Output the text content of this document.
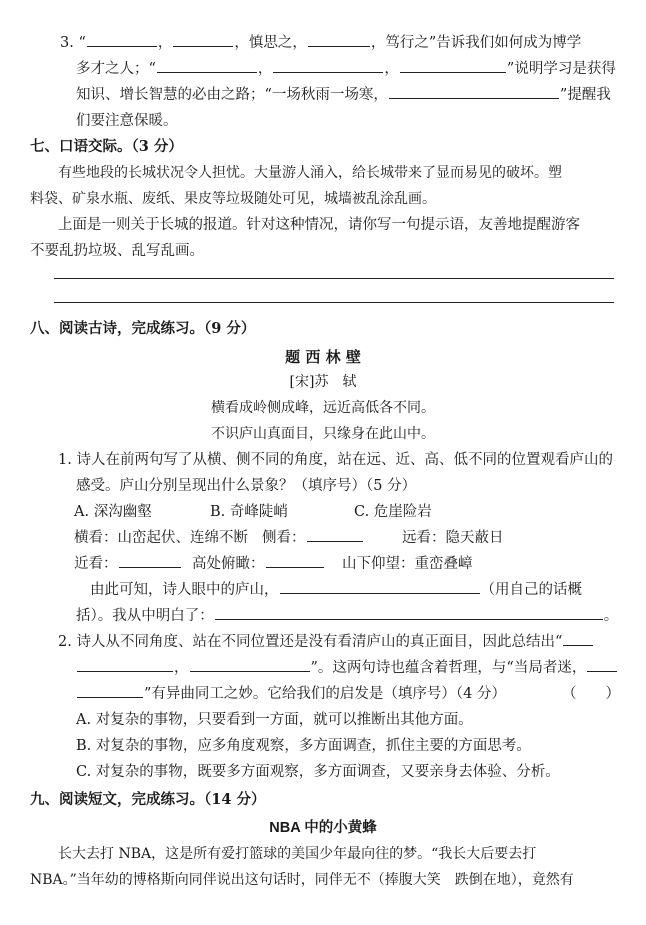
3. “	，	，慎思之，	，笃行之”告诉我们如何成为博学
多才之人；“	，	，	”说明学习是获得
知识、增长智慧的必由之路；“一场秋雨一场寒，	”提醒我
们要注意保暖。
七、口语交际。（3 分）
有些地段的长城状况令人担忧。大量游人涌入，给长城带来了显而易见的破坏。塑
料袋、矿泉水瓶、废纸、果皮等垃圾随处可见，城墙被乱涂乱画。
上面是一则关于长城的报道。针对这种情况，请你写一句提示语，友善地提醒游客
不要乱扔垃圾、乱写乱画。
八、阅读古诗，完成练习。（9 分）
题 西 林 壁
[宋]苏　轼
横看成岭侧成峰，远近高低各不同。
不识庐山真面目，只缘身在此山中。
1. 诗人在前两句写了从横、侧不同的角度，站在远、近、高、低不同的位置观看庐山的
感受。庐山分别呈现出什么景象？（填序号）（5 分）
A. 深沟幽壑	B. 奇峰陡峭	C. 危崖险岩
横看：山峦起伏、连绵不断 侧看：	远看：隐天蔽日
近看：	高处俯瞰：	山下仰望：重峦叠嶂
由此可知，诗人眼中的庐山，	（用自己的话概
括）。我从中明白了：	。
2. 诗人从不同角度、站在不同位置还是没有看清庐山的真正面目，因此总结出“
，	”。这两句诗也蕴含着哲理，与“当局者迷，
”有异曲同工之妙。它给我们的启发是（填序号）（4 分）	（　　）
A. 对复杂的事物，只要看到一方面，就可以推断出其他方面。
B. 对复杂的事物，应多角度观察，多方面调查，抓住主要的方面思考。
C. 对复杂的事物，既要多方面观察，多方面调查，又要亲身去体验、分析。
九、阅读短文，完成练习。（14 分）
NBA 中的小黄蜂
长大去打 NBA，这是所有爱打篮球的美国少年最向往的梦。“我长大后要去打
NBA。”当年幼的博格斯向同伴说出这句话时，同伴无不（捧腹大笑　跌倒在地），竟然有
